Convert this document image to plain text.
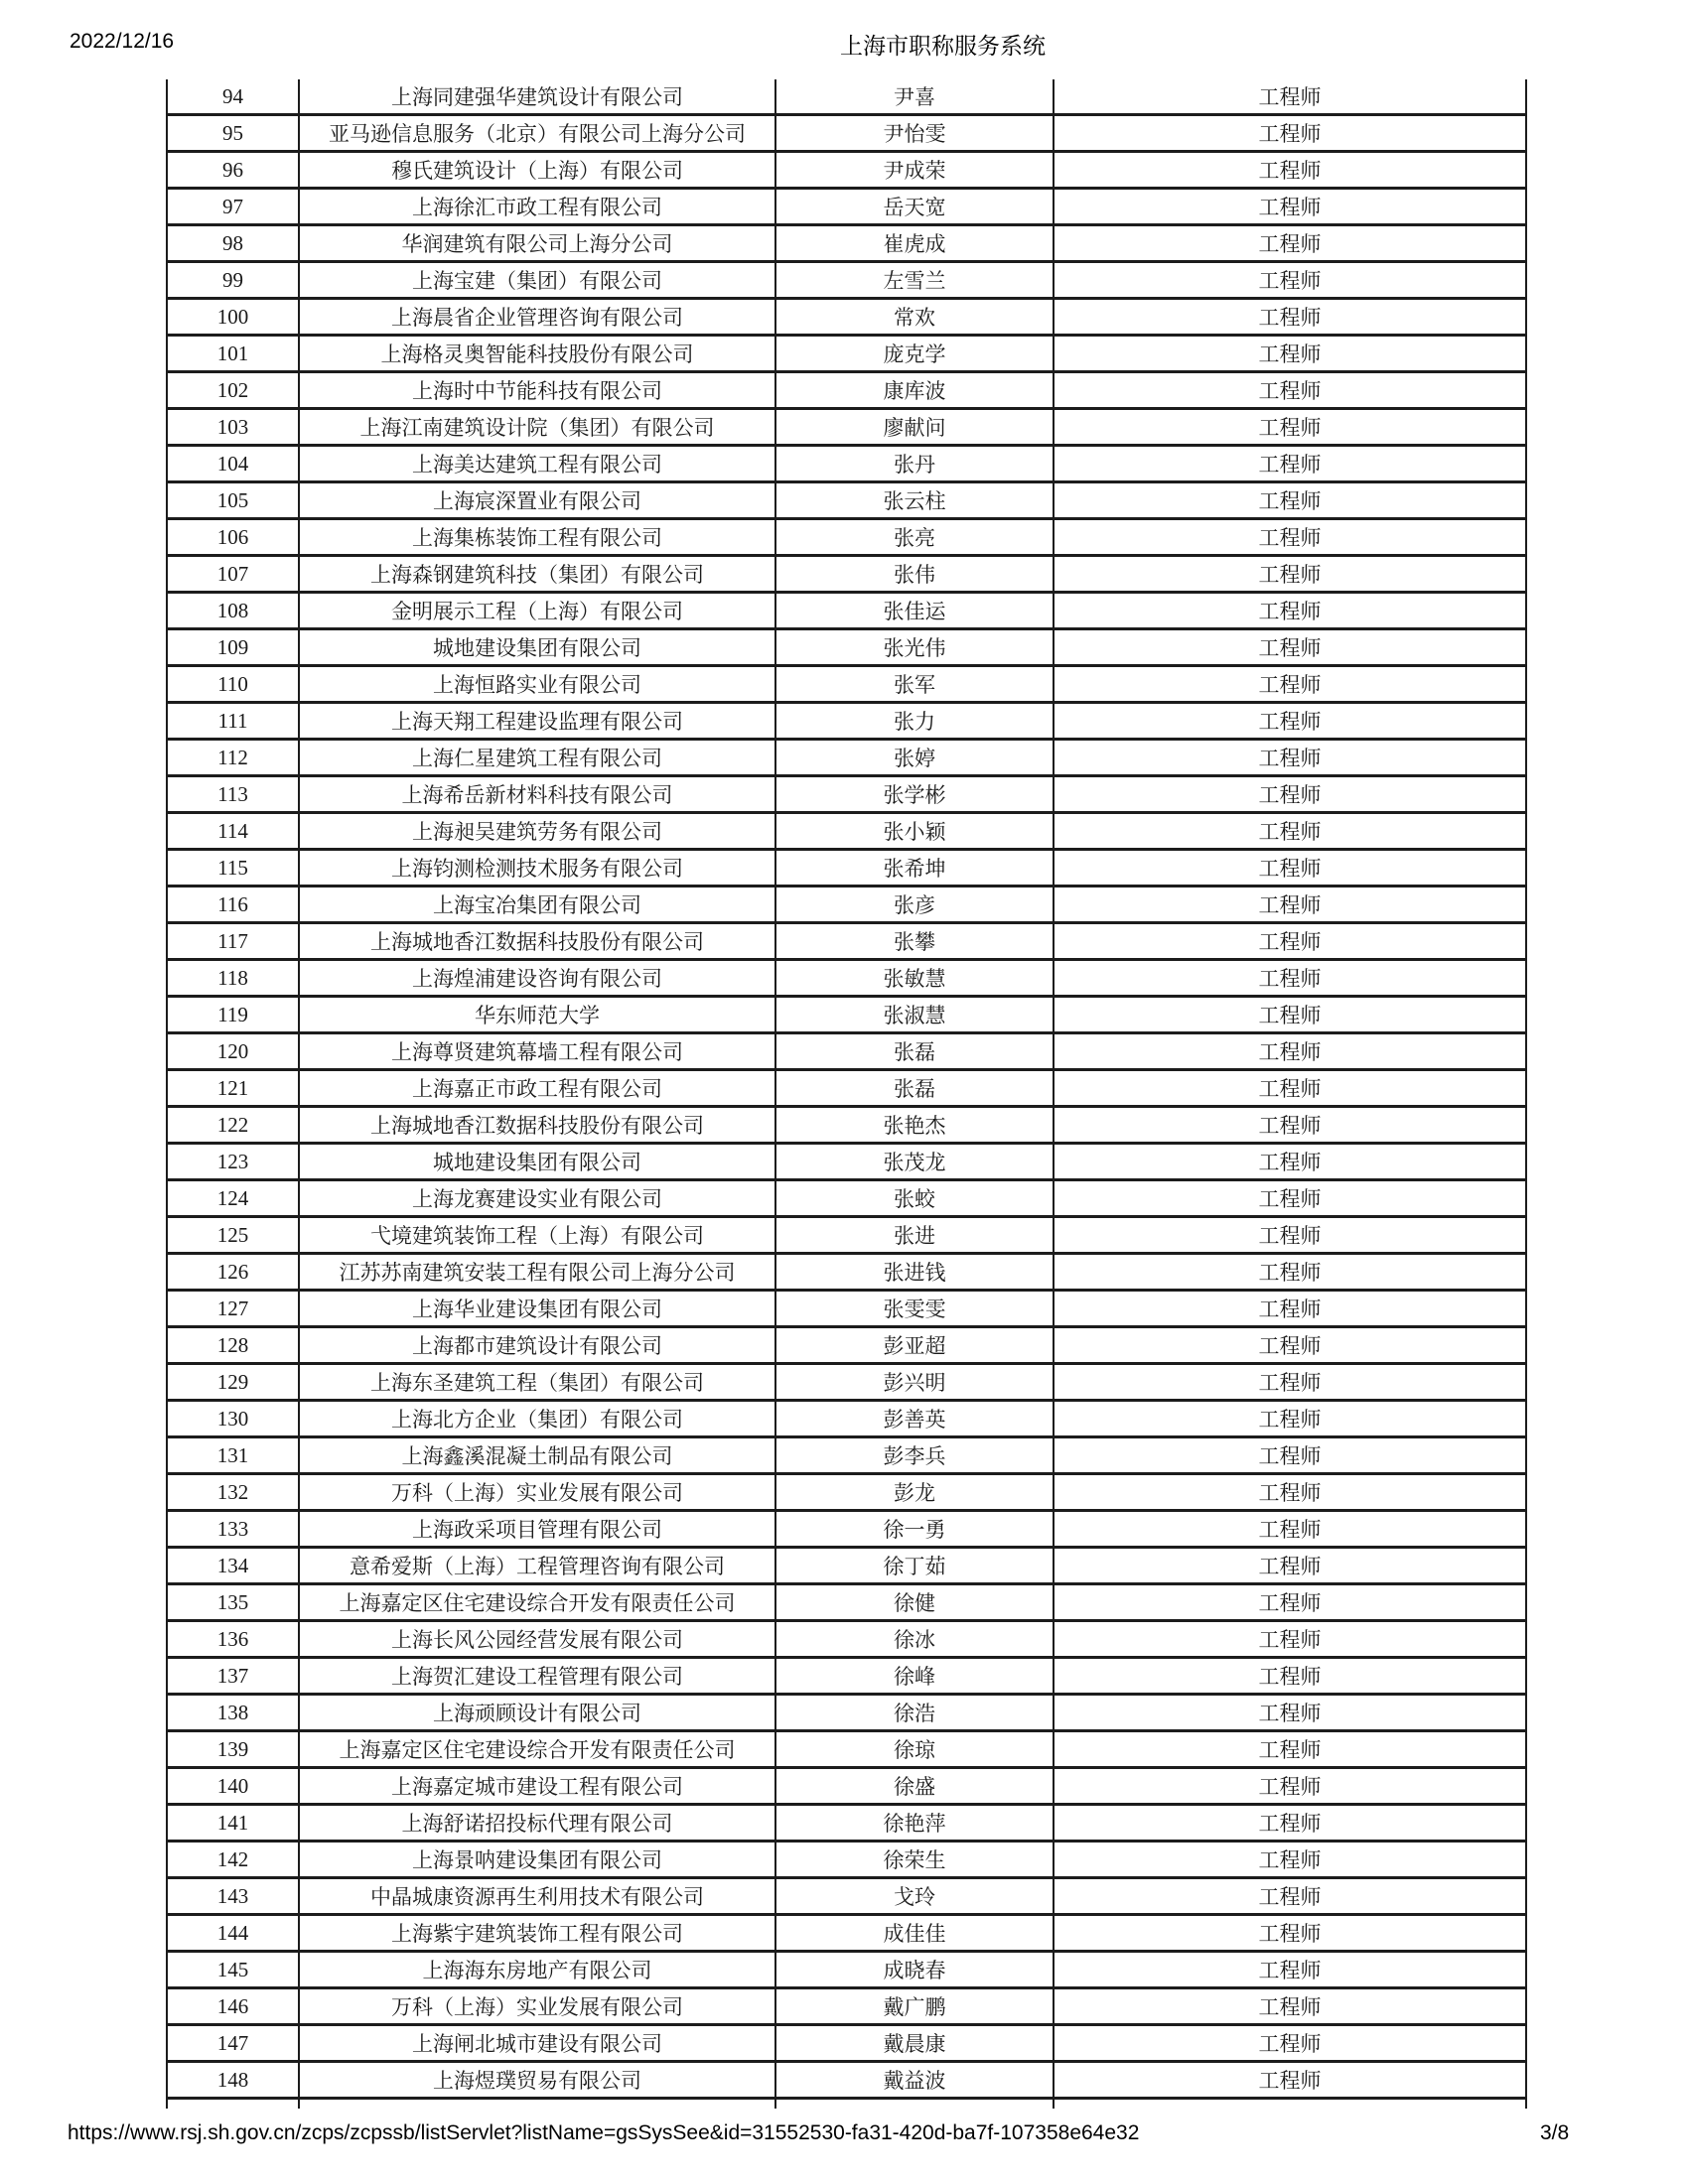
2022/12/16	上海市职称服务系统
94	上海同建强华建筑设计有限公司	尹喜	工程师
95	亚马逊信息服务（北京）有限公司上海分公司	尹怡雯	工程师
96	穆氏建筑设计（上海）有限公司	尹成荣	工程师
97	上海徐汇市政工程有限公司	岳天宽	工程师
98	华润建筑有限公司上海分公司	崔虎成	工程师
99	上海宝建（集团）有限公司	左雪兰	工程师
100	上海晨省企业管理咨询有限公司	常欢	工程师
101	上海格灵奥智能科技股份有限公司	庞克学	工程师
102	上海时中节能科技有限公司	康库波	工程师
103	上海江南建筑设计院（集团）有限公司	廖献问	工程师
104	上海美达建筑工程有限公司	张丹	工程师
105	上海宸深置业有限公司	张云柱	工程师
106	上海集栋装饰工程有限公司	张亮	工程师
107	上海森钢建筑科技（集团）有限公司	张伟	工程师
108	金明展示工程（上海）有限公司	张佳运	工程师
109	城地建设集团有限公司	张光伟	工程师
110	上海恒路实业有限公司	张军	工程师
111	上海天翔工程建设监理有限公司	张力	工程师
112	上海仁星建筑工程有限公司	张婷	工程师
113	上海希岳新材料科技有限公司	张学彬	工程师
114	上海昶吴建筑劳务有限公司	张小颖	工程师
115	上海钧测检测技术服务有限公司	张希坤	工程师
116	上海宝冶集团有限公司	张彦	工程师
117	上海城地香江数据科技股份有限公司	张攀	工程师
118	上海煌浦建设咨询有限公司	张敏慧	工程师
119	华东师范大学	张淑慧	工程师
120	上海尊贤建筑幕墙工程有限公司	张磊	工程师
121	上海嘉正市政工程有限公司	张磊	工程师
122	上海城地香江数据科技股份有限公司	张艳杰	工程师
123	城地建设集团有限公司	张茂龙	工程师
124	上海龙赛建设实业有限公司	张蛟	工程师
125	弋境建筑装饰工程（上海）有限公司	张进	工程师
126	江苏苏南建筑安装工程有限公司上海分公司	张进钱	工程师
127	上海华业建设集团有限公司	张雯雯	工程师
128	上海都市建筑设计有限公司	彭亚超	工程师
129	上海东圣建筑工程（集团）有限公司	彭兴明	工程师
130	上海北方企业（集团）有限公司	彭善英	工程师
131	上海鑫溪混凝土制品有限公司	彭李兵	工程师
132	万科（上海）实业发展有限公司	彭龙	工程师
133	上海政采项目管理有限公司	徐一勇	工程师
134	意希爱斯（上海）工程管理咨询有限公司	徐丁茹	工程师
135	上海嘉定区住宅建设综合开发有限责任公司	徐健	工程师
136	上海长风公园经营发展有限公司	徐冰	工程师
137	上海贺汇建设工程管理有限公司	徐峰	工程师
138	上海顽顾设计有限公司	徐浩	工程师
139	上海嘉定区住宅建设综合开发有限责任公司	徐琼	工程师
140	上海嘉定城市建设工程有限公司	徐盛	工程师
141	上海舒诺招投标代理有限公司	徐艳萍	工程师
142	上海景呐建设集团有限公司	徐荣生	工程师
143	中晶城康资源再生利用技术有限公司	戈玲	工程师
144	上海紫宇建筑装饰工程有限公司	成佳佳	工程师
145	上海海东房地产有限公司	成晓春	工程师
146	万科（上海）实业发展有限公司	戴广鹏	工程师
147	上海闸北城市建设有限公司	戴晨康	工程师
148	上海煜璞贸易有限公司	戴益波	工程师

https://www.rsj.sh.gov.cn/zcps/zcpssb/listServlet?listName=gsSysSee&id=31552530-fa31-420d-ba7f-107358e64e32	3/8
